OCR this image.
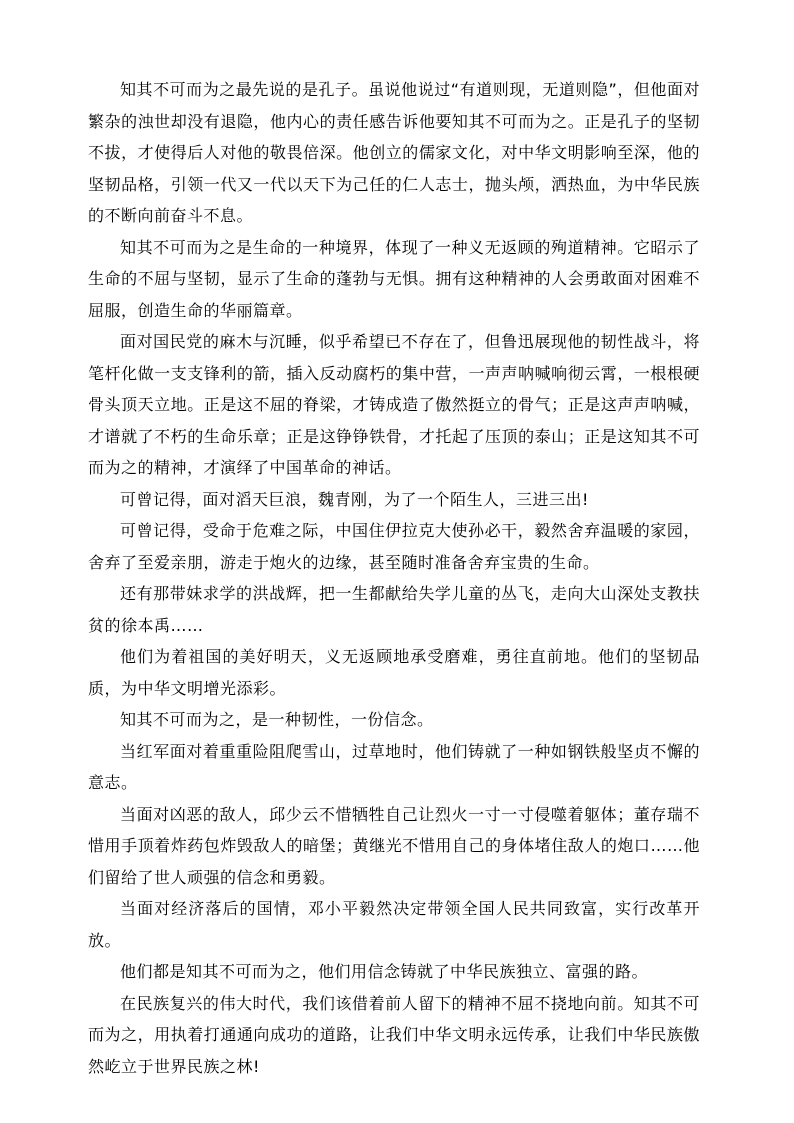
知其不可而为之最先说的是孔子。虽说他说过“有道则现，无道则隐”，但他面对繁杂的浊世却没有退隐，他内心的责任感告诉他要知其不可而为之。正是孔子的坚韧不拔，才使得后人对他的敬畏倍深。他创立的儒家文化，对中华文明影响至深，他的坚韧品格，引领一代又一代以天下为己任的仁人志士，抛头颅，洒热血，为中华民族的不断向前奋斗不息。

知其不可而为之是生命的一种境界，体现了一种义无返顾的殉道精神。它昭示了生命的不屈与坚韧，显示了生命的蓬勃与无惧。拥有这种精神的人会勇敢面对困难不屈服，创造生命的华丽篇章。

面对国民党的麻木与沉睡，似乎希望已不存在了，但鲁迅展现他的韧性战斗，将笔杆化做一支支锋利的箭，插入反动腐朽的集中营，一声声呐喊响彻云霄，一根根硬骨头顶天立地。正是这不屈的脊梁，才铸成造了傲然挺立的骨气；正是这声声呐喊，才谱就了不朽的生命乐章；正是这铮铮铁骨，才托起了压顶的泰山；正是这知其不可而为之的精神，才演绎了中国革命的神话。

可曾记得，面对滔天巨浪，魏青刚，为了一个陌生人，三进三出!

可曾记得，受命于危难之际，中国住伊拉克大使孙必干，毅然舍弃温暖的家园，舍弃了至爱亲朋，游走于炮火的边缘，甚至随时准备舍弃宝贵的生命。

还有那带妹求学的洪战辉，把一生都献给失学儿童的丛飞，走向大山深处支教扶贫的徐本禹……

他们为着祖国的美好明天，义无返顾地承受磨难，勇往直前地。他们的坚韧品质，为中华文明增光添彩。

知其不可而为之，是一种韧性，一份信念。

当红军面对着重重险阻爬雪山，过草地时，他们铸就了一种如钢铁般坚贞不懈的意志。

当面对凶恶的敌人，邱少云不惜牺牲自己让烈火一寸一寸侵噬着躯体；董存瑞不惜用手顶着炸药包炸毁敌人的暗堡；黄继光不惜用自己的身体堵住敌人的炮口……他们留给了世人顽强的信念和勇毅。

当面对经济落后的国情，邓小平毅然决定带领全国人民共同致富，实行改革开放。

他们都是知其不可而为之，他们用信念铸就了中华民族独立、富强的路。

在民族复兴的伟大时代，我们该借着前人留下的精神不屈不挠地向前。知其不可而为之，用执着打通通向成功的道路，让我们中华文明永远传承，让我们中华民族傲然屹立于世界民族之林!
